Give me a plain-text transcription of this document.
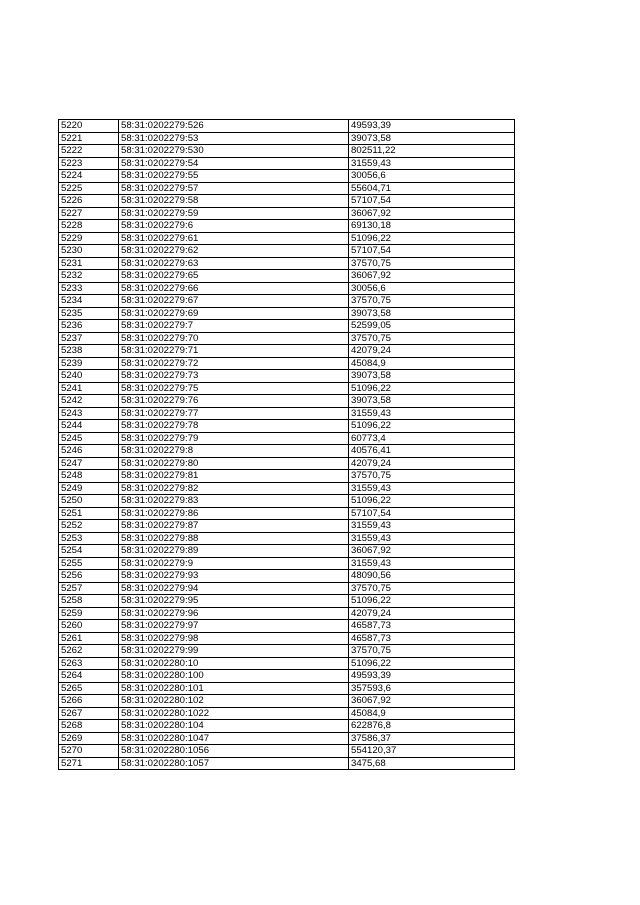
5220	58:31:0202279:526	49593,39
5221	58:31:0202279:53	39073,58
5222	58:31:0202279:530	802511,22
5223	58:31:0202279:54	31559,43
5224	58:31:0202279:55	30056,6
5225	58:31:0202279:57	55604,71
5226	58:31:0202279:58	57107,54
5227	58:31:0202279:59	36067,92
5228	58:31:0202279:6	69130,18
5229	58:31:0202279:61	51096,22
5230	58:31:0202279:62	57107,54
5231	58:31:0202279:63	37570,75
5232	58:31:0202279:65	36067,92
5233	58:31:0202279:66	30056,6
5234	58:31:0202279:67	37570,75
5235	58:31:0202279:69	39073,58
5236	58:31:0202279:7	52599,05
5237	58:31:0202279:70	37570,75
5238	58:31:0202279:71	42079,24
5239	58:31:0202279:72	45084,9
5240	58:31:0202279:73	39073,58
5241	58:31:0202279:75	51096,22
5242	58:31:0202279:76	39073,58
5243	58:31:0202279:77	31559,43
5244	58:31:0202279:78	51096,22
5245	58:31:0202279:79	60773,4
5246	58:31:0202279:8	40576,41
5247	58:31:0202279:80	42079,24
5248	58:31:0202279:81	37570,75
5249	58:31:0202279:82	31559,43
5250	58:31:0202279:83	51096,22
5251	58:31:0202279:86	57107,54
5252	58:31:0202279:87	31559,43
5253	58:31:0202279:88	31559,43
5254	58:31:0202279:89	36067,92
5255	58:31:0202279:9	31559,43
5256	58:31:0202279:93	48090,56
5257	58:31:0202279:94	37570,75
5258	58:31:0202279:95	51096,22
5259	58:31:0202279:96	42079,24
5260	58:31:0202279:97	46587,73
5261	58:31:0202279:98	46587,73
5262	58:31:0202279:99	37570,75
5263	58:31:0202280:10	51096,22
5264	58:31:0202280:100	49593,39
5265	58:31:0202280:101	357593,6
5266	58:31:0202280:102	36067,92
5267	58:31:0202280:1022	45084,9
5268	58:31:0202280:104	622876,8
5269	58:31:0202280:1047	37586,37
5270	58:31:0202280:1056	554120,37
5271	58:31:0202280:1057	3475,68
